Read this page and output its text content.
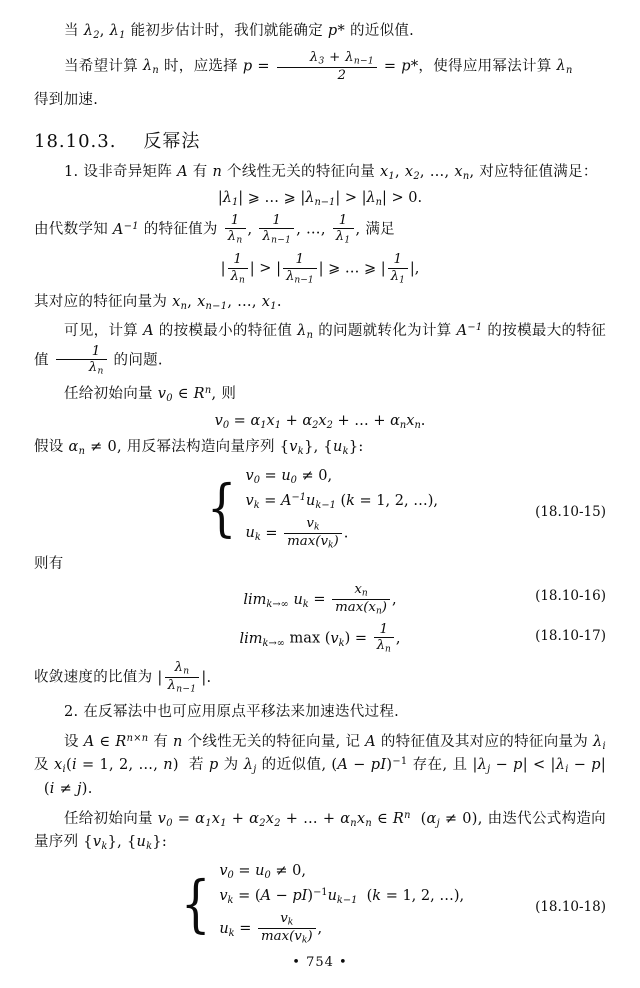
当 $\lambda_2$, $\lambda_1$ 能初步估计时，我们就能确定 p* 的近似值.

当希望计算 $\lambda_n$ 时，应选择 $p = \frac{\lambda_3 + \lambda_{n-1}}{2} = p*$，使得应用幂法计算 $\lambda_n$

得到加速.

18.10.3. 反幂法

1. 设非奇异矩阵 A 有 n 个线性无关的特征向量 $x_1$, $x_2$, …, $x_n$, 对应特征值满足：

$|\lambda_1|$ ⩾ … ⩾ $|\lambda_{n-1}| > |\lambda_n| > 0$.

由代数学知 $A^{-1}$ 的特征值为 $\frac{1}{\lambda_n}$ , $\frac{1}{\lambda_{n-1}}$ , …, $\frac{1}{\lambda_1}$ , 满足

| $\frac{1}{\lambda_n}$ | > | $\frac{1}{\lambda_{n-1}}$ | ⩾ … ⩾ | $\frac{1}{\lambda_1}$ |,

其对应的特征向量为 $x_n$, $x_{n-1}$, …, $x_1$.

可见，计算 A 的按模最小的特征值 $\lambda_n$ 的问题就转化为计算 $A^{-1}$ 的按模最大的特征值 $\frac{1}{\lambda_n}$ 的问题.

任给初始向量 $v_0$ ∈ $R^n$, 则

$v_0 = \alpha_1x_1 + \alpha_2x_2$ + … + $\alpha_nx_n$.

假设 $\alpha_n \ne 0$, 用反幂法构造向量序列 $\{v_k\}$, $\{u_k\}$:

{ $v_0 = u_0 \ne 0$,
$v_k = A^{-1}u_{k-1}$ (k = 1, 2, …),
$u_k = \frac{v_k}{\max(v_k)}$ .
(18.10-15)

则有

$\lim_{k\to\infty} u_k = \frac{x_n}{\max(x_n)}$ ,	(18.10-16)
$\lim_{k\to\infty} \max (v_k) = \frac{1}{\lambda_n}$ ,	(18.10-17)

收敛速度的比值为 | $\frac{\lambda_n}{\lambda_{n-1}}$ |.

2. 在反幂法中也可应用原点平移法来加速迭代过程.

设 A ∈ $R^{n\times n}$ 有 n 个线性无关的特征向量, 记 A 的特征值及其对应的特征向量为 $\lambda_i$ 及 $x_i(i = 1$, 2, …, n)  若 p 为 $\lambda_j$ 的近似值, (A − pI)$^{-1}$ 存在, 且 $|\lambda_j - p| < |\lambda_i - p|$  (i ≠ j).

任给初始向量 $v_0 = \alpha_1x_1 + \alpha_2x_2$ + … + $\alpha_nx_n$ ∈ $R^n$  $(\alpha_j \ne 0)$, 由迭代公式构造向量序列 $\{v_k\}$, $\{u_k\}$:

{ $v_0 = u_0 \ne 0$,
$v_k = (A - pI)^{-1}u_{k-1}$  (k = 1, 2, …),
$u_k = \frac{v_k}{\max(v_k)}$ ,
(18.10-18)
• 754 •
